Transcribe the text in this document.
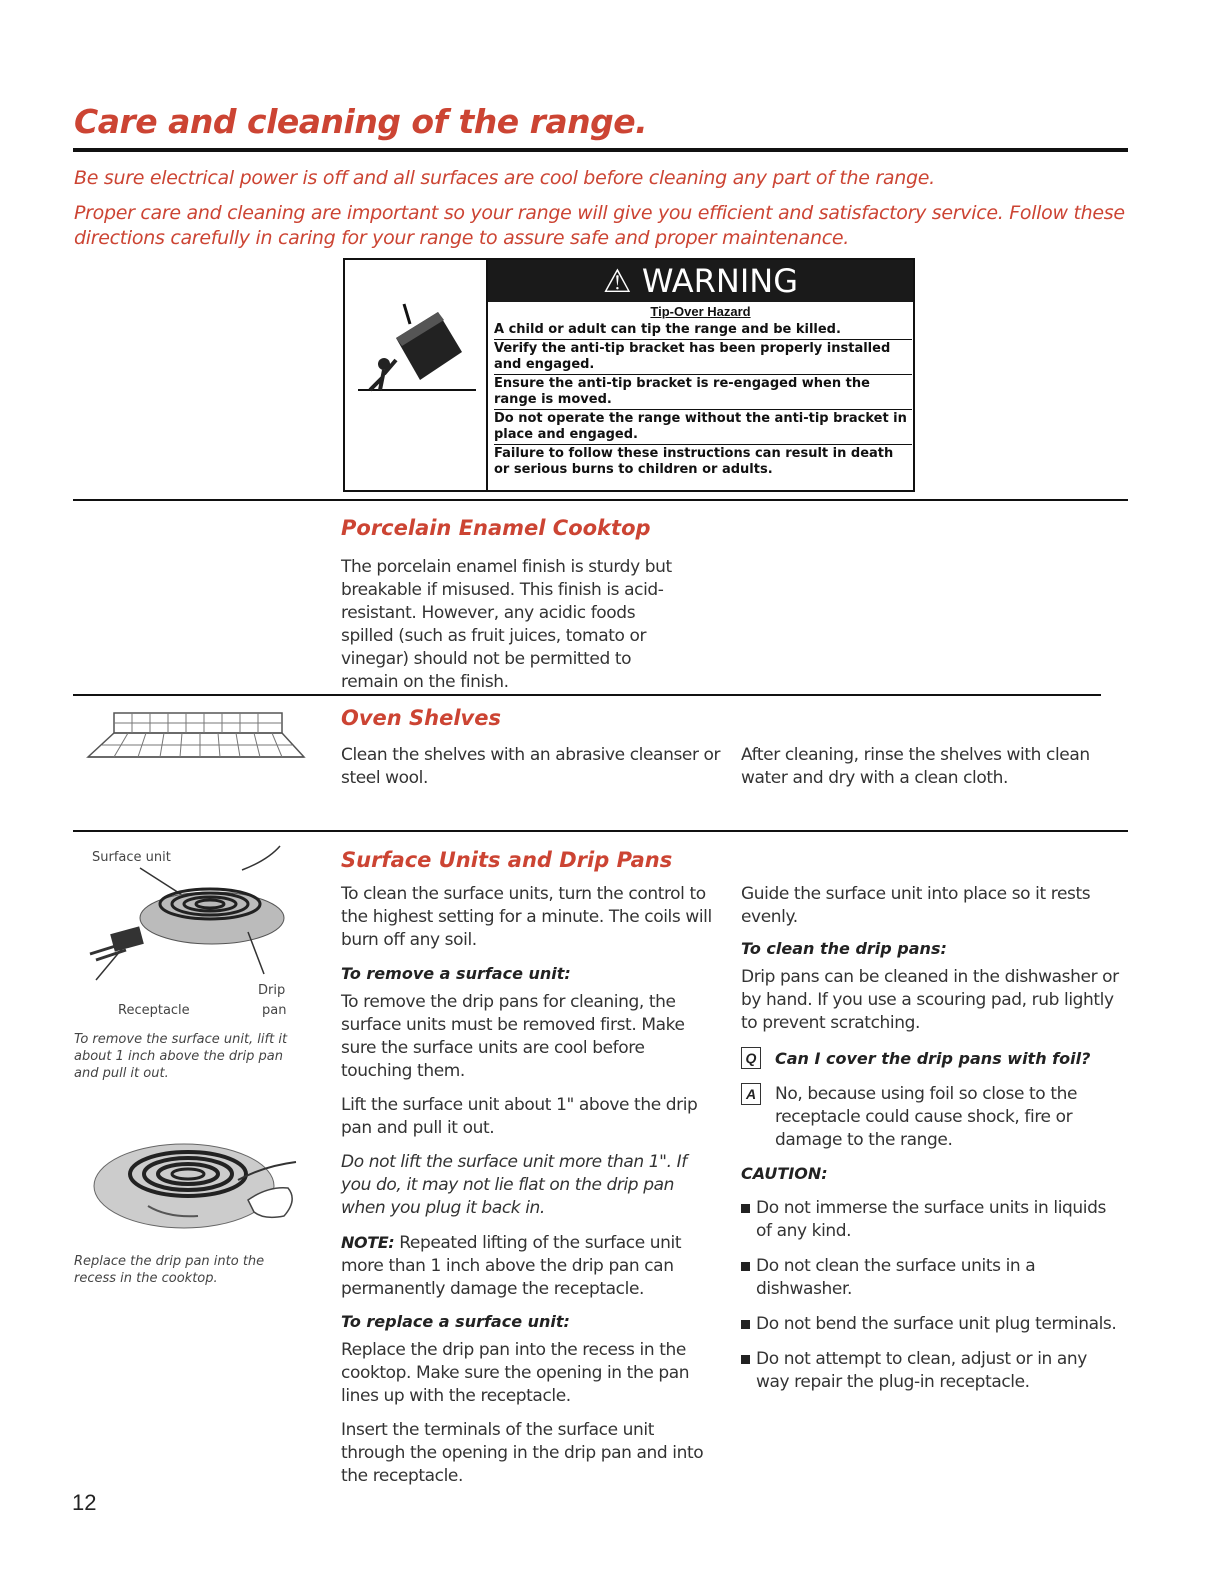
Care and cleaning of the range.
Be sure electrical power is off and all surfaces are cool before cleaning any part of the range.
Proper care and cleaning are important so your range will give you efficient and satisfactory service. Follow these
directions carefully in caring for your range to assure safe and proper maintenance.
⚠ WARNING
Tip-Over Hazard

A child or adult can tip the range and be killed.

Verify the anti-tip bracket has been properly installed and engaged.

Ensure the anti-tip bracket is re-engaged when the range is moved.

Do not operate the range without the anti-tip bracket in place and engaged.

Failure to follow these instructions can result in death or serious burns to children or adults.

Porcelain Enamel Cooktop
The porcelain enamel finish is sturdy but breakable if misused. This finish is acid-resistant. However, any acidic foods spilled (such as fruit juices, tomato or vinegar) should not be permitted to remain on the finish.
Oven Shelves
Clean the shelves with an abrasive cleanser or steel wool.
After cleaning, rinse the shelves with clean water and dry with a clean cloth.
Surface Units and Drip Pans
Surface unit
Drip
Receptacle	pan
To remove the surface unit, lift it about 1 inch above the drip pan and pull it out.
Replace the drip pan into the recess in the cooktop.
To clean the surface units, turn the control to the highest setting for a minute. The coils will burn off any soil.
To remove a surface unit:
To remove the drip pans for cleaning, the surface units must be removed first. Make sure the surface units are cool before touching them.
Lift the surface unit about 1" above the drip pan and pull it out.
Do not lift the surface unit more than 1". If you do, it may not lie flat on the drip pan when you plug it back in.
NOTE: Repeated lifting of the surface unit more than 1 inch above the drip pan can permanently damage the receptacle.
To replace a surface unit:
Replace the drip pan into the recess in the cooktop. Make sure the opening in the pan lines up with the receptacle.
Insert the terminals of the surface unit through the opening in the drip pan and into the receptacle.
Guide the surface unit into place so it rests evenly.
To clean the drip pans:
Drip pans can be cleaned in the dishwasher or by hand. If you use a scouring pad, rub lightly to prevent scratching.
Q Can I cover the drip pans with foil?
A No, because using foil so close to the receptacle could cause shock, fire or damage to the range.
CAUTION:
Do not immerse the surface units in liquids of any kind.
Do not clean the surface units in a dishwasher.
Do not bend the surface unit plug terminals.
Do not attempt to clean, adjust or in any way repair the plug-in receptacle.
12
